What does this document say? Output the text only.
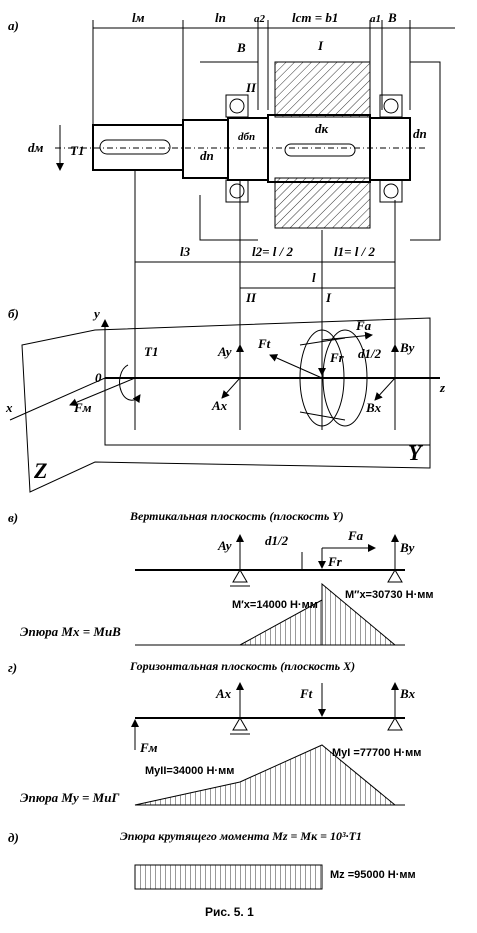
а)
lм	lп	a2 lст = b1	a1 B
B	I
II
dм T1	dп
dбп
dк	dп
l3	l2= l / 2	l1= l / 2
l
б)
II	I
Z
Y
y
x
z
0
T1
Fм
Ay
Ax
Ft
Fa
Fr d1/2 By
Bx
в)	Вертикальная плоскость (плоскость Y)
Ay	d1/2	Fa
Fr
By
M′x=14000 Н·мм
M′′x=30730 Н·мм
Эпюра Mx = MиВ
г)	Горизонтальная плоскость (плоскость X)
Ax	Ft	Bx
Fм
MyII=34000 Н·мм
MyI =77700 Н·мм
Эпюра My = MиГ
д)	Эпюра крутящего момента Mz = Mк = 10³·T1
Mz =95000 Н·мм
Рис. 5. 1
